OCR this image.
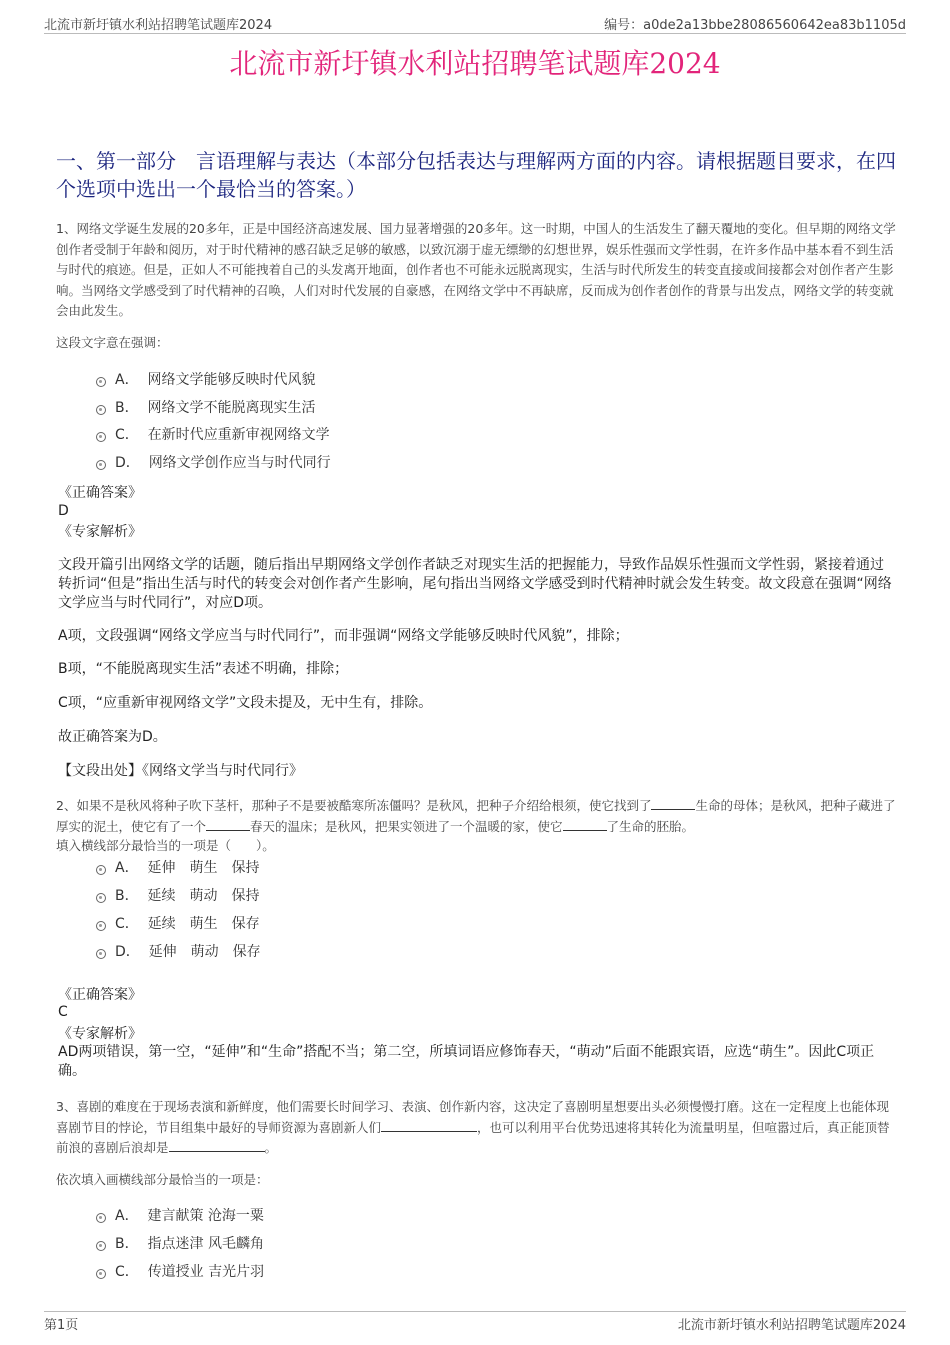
北流市新圩镇水利站招聘笔试题库2024	编号：a0de2a13bbe28086560642ea83b1105d
北流市新圩镇水利站招聘笔试题库2024
一、第一部分　言语理解与表达（本部分包括表达与理解两方面的内容。请根据题目要求，在四个选项中选出一个最恰当的答案。）

1、网络文学诞生发展的20多年，正是中国经济高速发展、国力显著增强的20多年。这一时期，中国人的生活发生了翻天覆地的变化。但早期的网络文学创作者受制于年龄和阅历，对于时代精神的感召缺乏足够的敏感，以致沉溺于虚无缥缈的幻想世界，娱乐性强而文学性弱，在许多作品中基本看不到生活与时代的痕迹。但是，正如人不可能拽着自己的头发离开地面，创作者也不可能永远脱离现实，生活与时代所发生的转变直接或间接都会对创作者产生影响。当网络文学感受到了时代精神的召唤，人们对时代发展的自豪感，在网络文学中不再缺席，反而成为创作者创作的背景与出发点，网络文学的转变就会由此发生。

这段文字意在强调：

A． 网络文学能够反映时代风貌
B． 网络文学不能脱离现实生活
C． 在新时代应重新审视网络文学
D． 网络文学创作应当与时代同行
《正确答案》
D
《专家解析》

文段开篇引出网络文学的话题，随后指出早期网络文学创作者缺乏对现实生活的把握能力，导致作品娱乐性强而文学性弱，紧接着通过转折词“但是”指出生活与时代的转变会对创作者产生影响，尾句指出当网络文学感受到时代精神时就会发生转变。故文段意在强调“网络文学应当与时代同行”，对应D项。

A项，文段强调“网络文学应当与时代同行”，而非强调“网络文学能够反映时代风貌”，排除；

B项，“不能脱离现实生活”表述不明确，排除；

C项，“应重新审视网络文学”文段未提及，无中生有，排除。

故正确答案为D。

【文段出处】《网络文学当与时代同行》

2、如果不是秋风将种子吹下茎杆，那种子不是要被酷寒所冻僵吗？是秋风，把种子介绍给根须，使它找到了	生命的母体；是秋风，把种子藏进了厚实的泥土，使它有了一个	春天的温床；是秋风，把果实领进了一个温暖的家，使它	了生命的胚胎。

填入横线部分最恰当的一项是（　　）。

A． 延伸　萌生　保持
B． 延续　萌动　保持
C． 延续　萌生　保存
D． 延伸　萌动　保存
《正确答案》
C
《专家解析》

AD两项错误，第一空，“延伸”和“生命”搭配不当；第二空，所填词语应修饰春天，“萌动”后面不能跟宾语，应选“萌生”。因此C项正确。

3、喜剧的难度在于现场表演和新鲜度，他们需要长时间学习、表演、创作新内容，这决定了喜剧明星想要出头必须慢慢打磨。这在一定程度上也能体现喜剧节目的悖论，节目组集中最好的导师资源为喜剧新人们	，也可以利用平台优势迅速将其转化为流量明星，但喧嚣过后，真正能顶替前浪的喜剧后浪却是	。

依次填入画横线部分最恰当的一项是：

A． 建言献策 沧海一粟
B． 指点迷津 风毛麟角
C． 传道授业 吉光片羽
第1页	北流市新圩镇水利站招聘笔试题库2024
